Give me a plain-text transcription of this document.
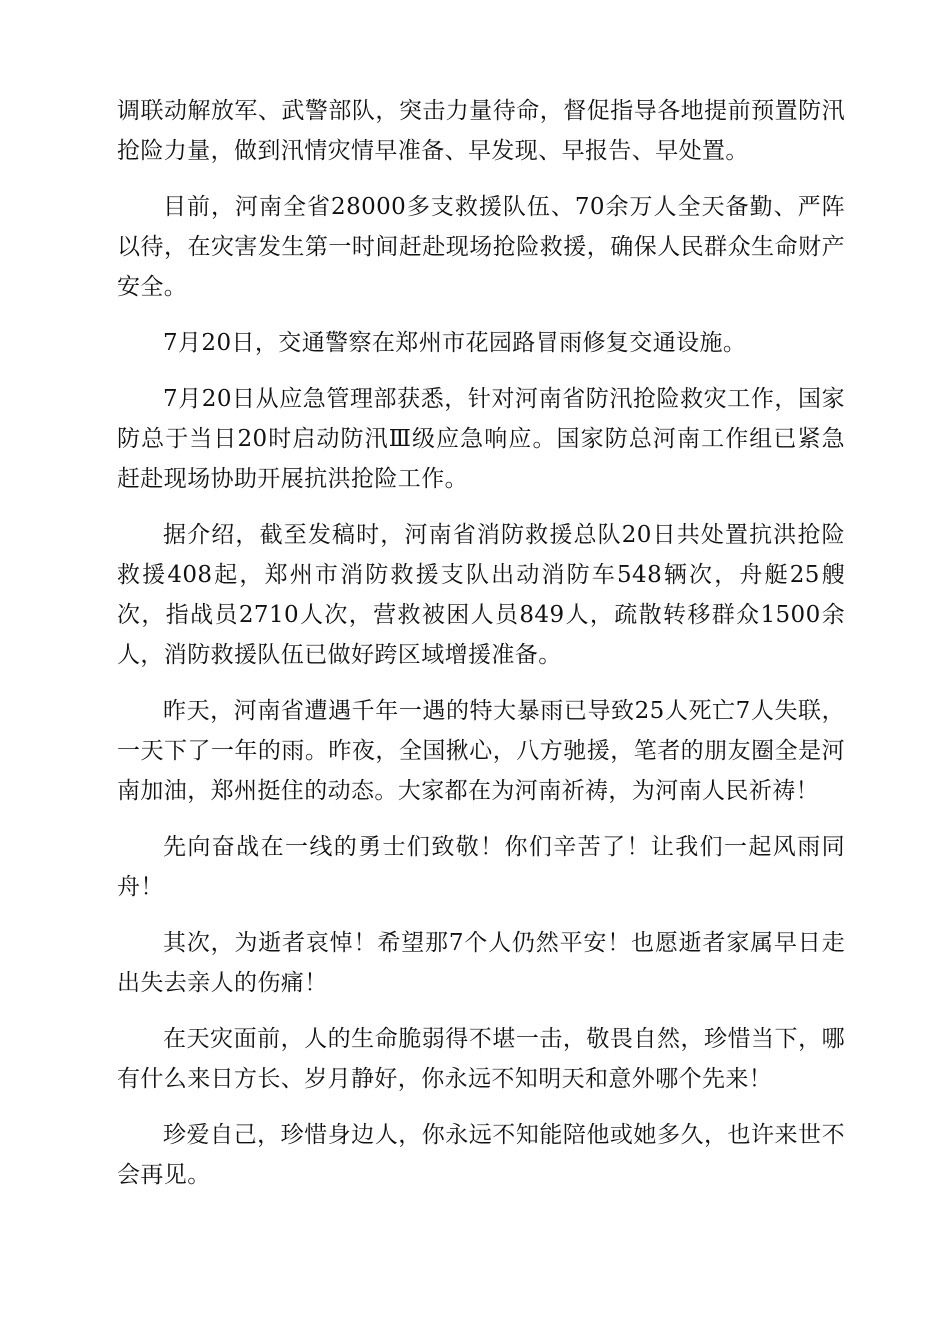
调联动解放军、武警部队，突击力量待命，督促指导各地提前预置防汛抢险力量，做到汛情灾情早准备、早发现、早报告、早处置。

目前，河南全省28000多支救援队伍、70余万人全天备勤、严阵以待，在灾害发生第一时间赶赴现场抢险救援，确保人民群众生命财产安全。

7月20日，交通警察在郑州市花园路冒雨修复交通设施。

7月20日从应急管理部获悉，针对河南省防汛抢险救灾工作，国家防总于当日20时启动防汛Ⅲ级应急响应。国家防总河南工作组已紧急赶赴现场协助开展抗洪抢险工作。

据介绍，截至发稿时，河南省消防救援总队20日共处置抗洪抢险救援408起，郑州市消防救援支队出动消防车548辆次，舟艇25艘次，指战员2710人次，营救被困人员849人，疏散转移群众1500余人，消防救援队伍已做好跨区域增援准备。

昨天，河南省遭遇千年一遇的特大暴雨已导致25人死亡7人失联，一天下了一年的雨。昨夜，全国揪心，八方驰援，笔者的朋友圈全是河南加油，郑州挺住的动态。大家都在为河南祈祷，为河南人民祈祷！

先向奋战在一线的勇士们致敬！你们辛苦了！让我们一起风雨同舟！

其次，为逝者哀悼！希望那7个人仍然平安！也愿逝者家属早日走出失去亲人的伤痛！

在天灾面前，人的生命脆弱得不堪一击，敬畏自然，珍惜当下，哪有什么来日方长、岁月静好，你永远不知明天和意外哪个先来！

珍爱自己，珍惜身边人，你永远不知能陪他或她多久，也许来世不会再见。
